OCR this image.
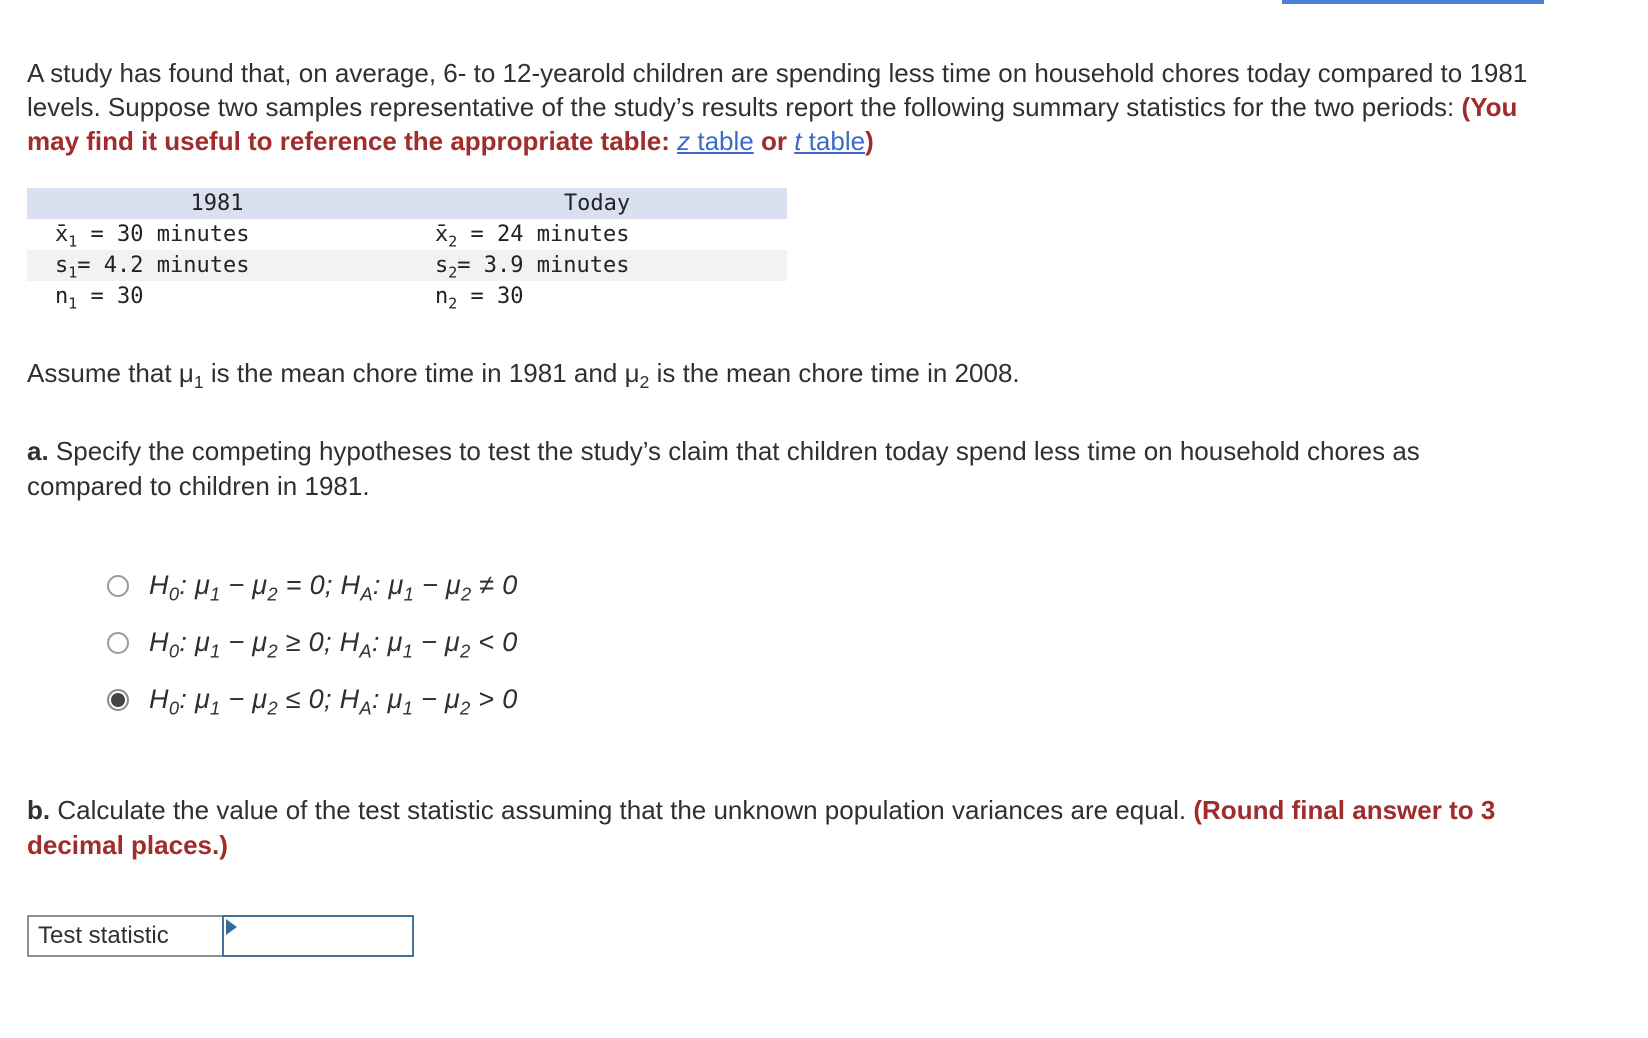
A study has found that, on average, 6- to 12-yearold children are spending less time on household chores today compared to 1981 levels. Suppose two samples representative of the study’s results report the following summary statistics for the two periods: (You may find it useful to reference the appropriate table: z table or t table)

1981	Today
$x_1 = 30$ minutes	$x_2 = 24$ minutes
$s_1= 4.2$ minutes	$s_2= 3.9$ minutes
$n_1 = 30$	$n_2 = 30$

Assume that $\mu_1$ is the mean chore time in 1981 and $\mu_2$ is the mean chore time in 2008.

a. Specify the competing hypotheses to test the study’s claim that children today spend less time on household chores as compared to children in 1981.

$H_0$: $\mu_1 - \mu_2 = 0$; $H_A$: $\mu_1 - \mu_2 \ne 0$
$H_0$: $\mu_1 - \mu_2 \ge 0$; $H_A$: $\mu_1 - \mu_2 < 0$
$H_0$: $\mu_1 - \mu_2 \le 0$; $H_A$: $\mu_1 - \mu_2 > 0$

b. Calculate the value of the test statistic assuming that the unknown population variances are equal. (Round final answer to 3 decimal places.)

Test statistic
